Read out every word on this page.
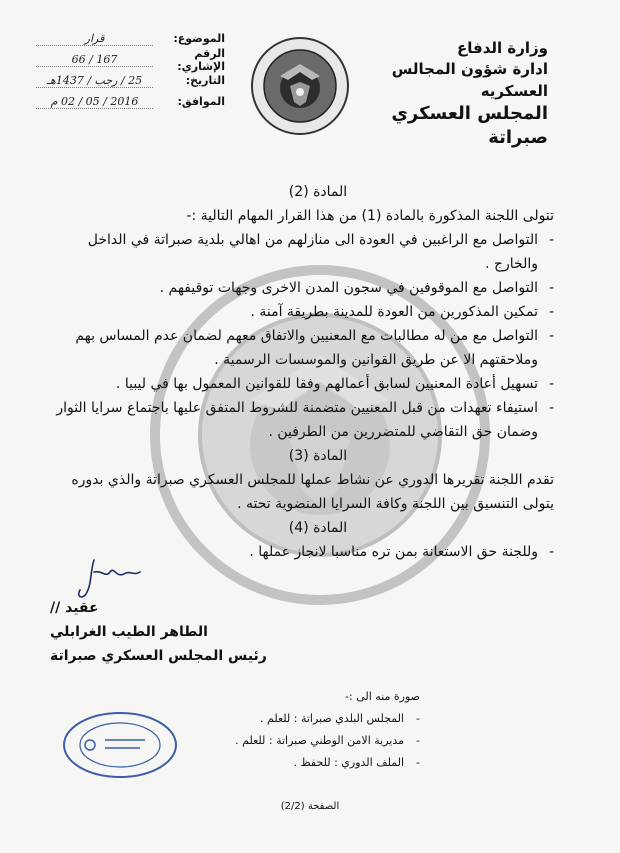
وزارة الدفاع
ادارة شؤون المجالس العسكريه
المجلس العسكري صبراتة
الموضوع:
قرار
الرقم الإشاري:
167 / 66
التاريخ:
25 / رجب / 1437هـ
الموافق:
2016 / 05 / 02 م
المادة (2)
تتولى اللجنة المذكورة بالمادة (1) من هذا القرار المهام التالية :-
- التواصل مع الراغبين في العودة الى منازلهم من اهالي بلدية صبراتة في الداخل والخارج .
- التواصل مع الموقوفين في سجون المدن الاخرى وجهات توقيفهم .
- تمكين المذكورين من العودة للمدينة بطريقة آمنة .
- التواصل مع من له مطالبات مع المعنيين والاتفاق معهم لضمان عدم المساس بهم وملاحقتهم الا عن طريق القوانين والموسسات الرسمية .
- تسهيل أعادة المعنيين لسابق أعمالهم وفقا للقوانين المعمول بها في ليبيا .
- استيفاء تعهدات من قبل المعنيين متضمنة للشروط المتفق عليها باجتماع سرايا الثوار وضمان حق التقاضي للمتضررين من الطرفين .
المادة (3)
تقدم اللجنة تقريرها الدوري عن نشاط عملها للمجلس العسكري صبراتة والذي بدوره يتولى التنسيق بين اللجنة وكافة السرايا المنضوية تحته .
المادة (4)
- وللجنة حق الاستعانة بمن تره مناسبا لانجاز عملها .
عقيد //
الطاهر الطيب الغرابلي
رئيس المجلس العسكري صبراتة
صورة منه الى :-
- المجلس البلدي صبراتة : للعلم .
- مديرية الامن الوطني صبراتة : للعلم .
- الملف الدوري : للحفظ .
الصفحة (2/2)
